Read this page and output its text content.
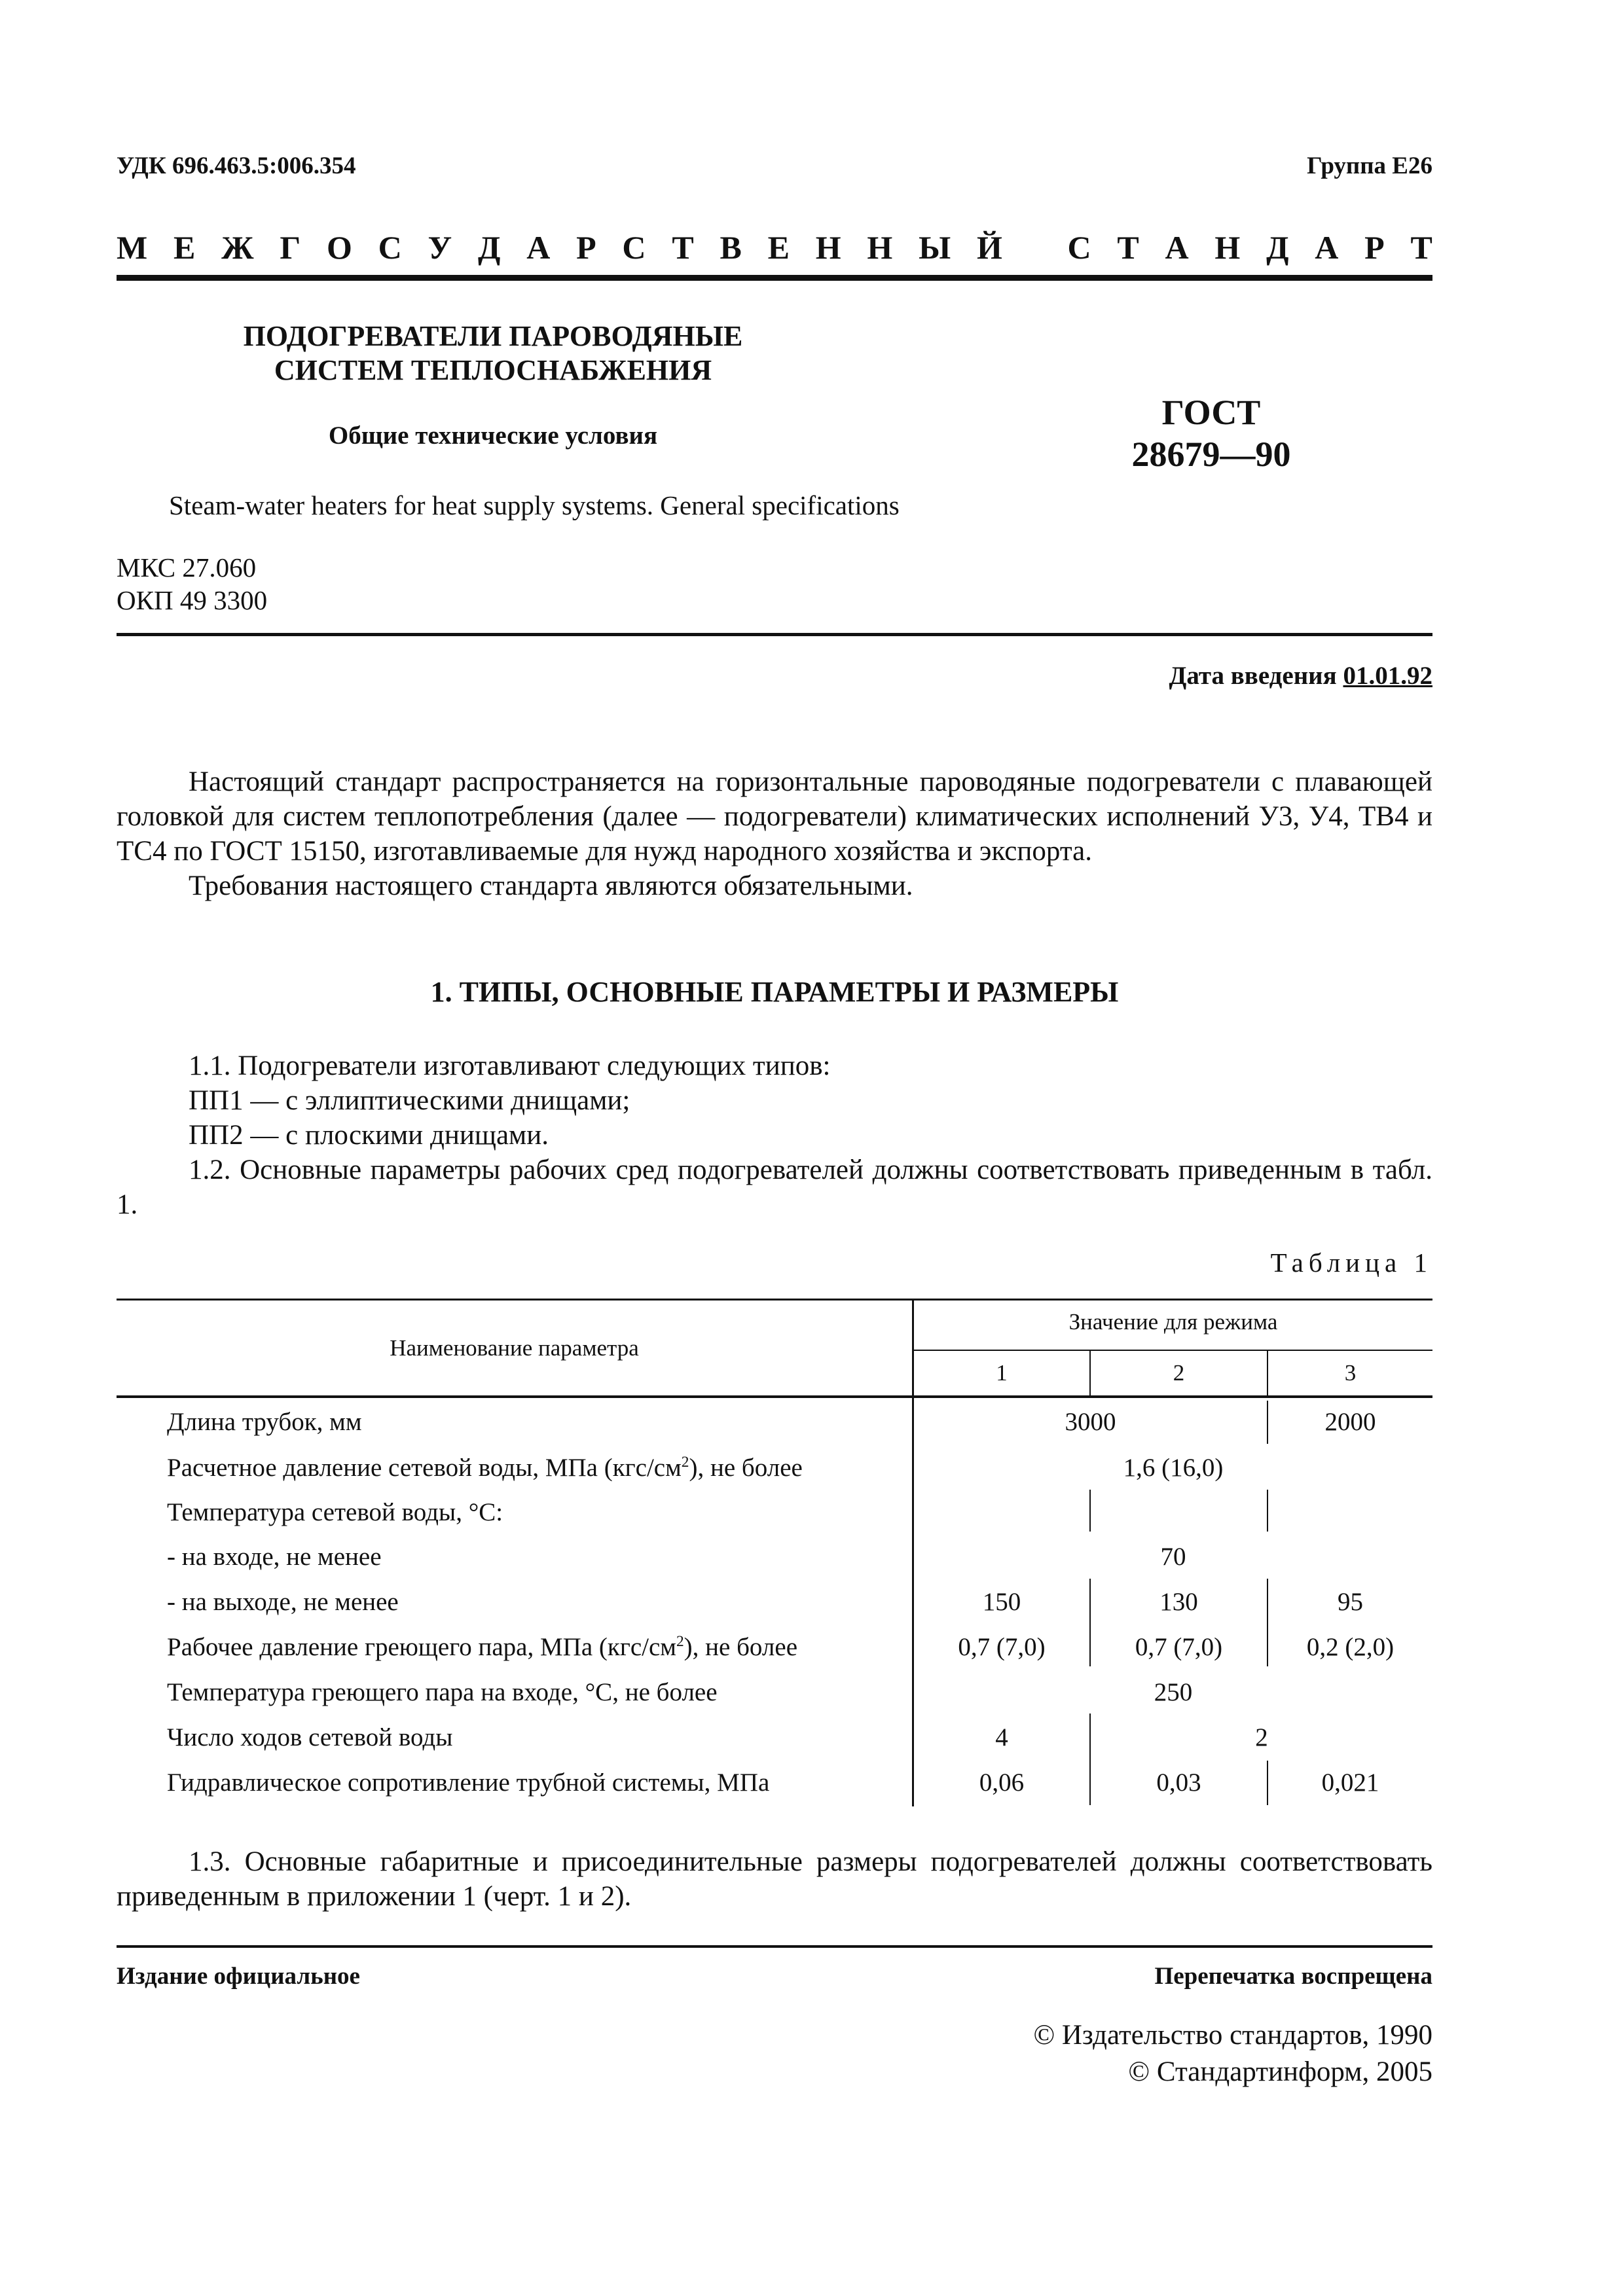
УДК 696.463.5:006.354	Группа Е26
М Е Ж Г О С У Д А Р С Т В Е Н Н Ы Й С Т А Н Д А Р Т
ПОДОГРЕВАТЕЛИ ПАРОВОДЯНЫЕ
СИСТЕМ ТЕПЛОСНАБЖЕНИЯ
Общие технические условия
ГОСТ
28679—90
Steam-water heaters for heat supply systems. General specifications
МКС 27.060
ОКП 49 3300
Дата введения 01.01.92

Настоящий стандарт распространяется на горизонтальные пароводяные подогреватели с плавающей головкой для систем теплопотребления (далее — подогреватели) климатических исполнений У3, У4, ТВ4 и ТС4 по ГОСТ 15150, изготавливаемые для нужд народного хозяйства и экспорта.

Требования настоящего стандарта являются обязательными.

1. ТИПЫ, ОСНОВНЫЕ ПАРАМЕТРЫ И РАЗМЕРЫ

1.1. Подогреватели изготавливают следующих типов:

ПП1 — с эллиптическими днищами;

ПП2 — с плоскими днищами.

1.2. Основные параметры рабочих сред подогревателей должны соответствовать приведенным в табл. 1.

Таблица 1
Наименование параметра
Значение для режима
1	2	3
Длина трубок, мм	3000	2000
Расчетное давление сетевой воды, МПа $(кгс/см^2)$, не более	1,6 (16,0)
Температура сетевой воды, °С:
- на входе, не менее	70
- на выходе, не менее	150	130	95
Рабочее давление греющего пара, МПа $(кгс/см^2)$, не более	0,7 (7,0)	0,7 (7,0)	0,2 (2,0)
Температура греющего пара на входе, °С, не более	250
Число ходов сетевой воды	4	2
Гидравлическое сопротивление трубной системы, МПа	0,06	0,03	0,021

1.3. Основные габаритные и присоединительные размеры подогревателей должны соответствовать приведенным в приложении 1 (черт. 1 и 2).

Издание официальное	Перепечатка воспрещена
© Издательство стандартов, 1990
© Стандартинформ, 2005
